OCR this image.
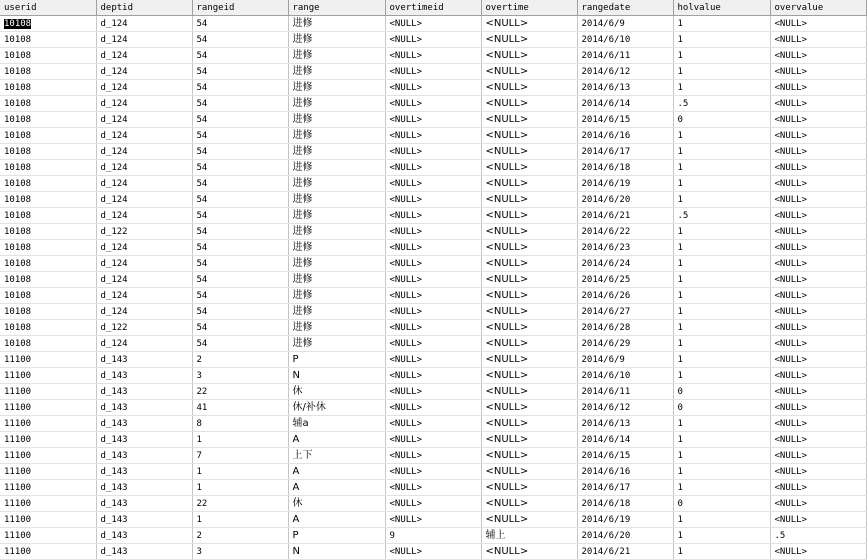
userid	deptid	rangeid	range	overtimeid	overtime	rangedate	holvalue	overvalue
10108	d_124	54	进修	<NULL>	<NULL>	2014/6/9	1	<NULL>
10108	d_124	54	进修	<NULL>	<NULL>	2014/6/10	1	<NULL>
10108	d_124	54	进修	<NULL>	<NULL>	2014/6/11	1	<NULL>
10108	d_124	54	进修	<NULL>	<NULL>	2014/6/12	1	<NULL>
10108	d_124	54	进修	<NULL>	<NULL>	2014/6/13	1	<NULL>
10108	d_124	54	进修	<NULL>	<NULL>	2014/6/14	.5	<NULL>
10108	d_124	54	进修	<NULL>	<NULL>	2014/6/15	0	<NULL>
10108	d_124	54	进修	<NULL>	<NULL>	2014/6/16	1	<NULL>
10108	d_124	54	进修	<NULL>	<NULL>	2014/6/17	1	<NULL>
10108	d_124	54	进修	<NULL>	<NULL>	2014/6/18	1	<NULL>
10108	d_124	54	进修	<NULL>	<NULL>	2014/6/19	1	<NULL>
10108	d_124	54	进修	<NULL>	<NULL>	2014/6/20	1	<NULL>
10108	d_124	54	进修	<NULL>	<NULL>	2014/6/21	.5	<NULL>
10108	d_122	54	进修	<NULL>	<NULL>	2014/6/22	1	<NULL>
10108	d_124	54	进修	<NULL>	<NULL>	2014/6/23	1	<NULL>
10108	d_124	54	进修	<NULL>	<NULL>	2014/6/24	1	<NULL>
10108	d_124	54	进修	<NULL>	<NULL>	2014/6/25	1	<NULL>
10108	d_124	54	进修	<NULL>	<NULL>	2014/6/26	1	<NULL>
10108	d_124	54	进修	<NULL>	<NULL>	2014/6/27	1	<NULL>
10108	d_122	54	进修	<NULL>	<NULL>	2014/6/28	1	<NULL>
10108	d_124	54	进修	<NULL>	<NULL>	2014/6/29	1	<NULL>
11100	d_143	2	P	<NULL>	<NULL>	2014/6/9	1	<NULL>
11100	d_143	3	N	<NULL>	<NULL>	2014/6/10	1	<NULL>
11100	d_143	22	休	<NULL>	<NULL>	2014/6/11	0	<NULL>
11100	d_143	41	休/补休	<NULL>	<NULL>	2014/6/12	0	<NULL>
11100	d_143	8	辅a	<NULL>	<NULL>	2014/6/13	1	<NULL>
11100	d_143	1	A	<NULL>	<NULL>	2014/6/14	1	<NULL>
11100	d_143	7	上下	<NULL>	<NULL>	2014/6/15	1	<NULL>
11100	d_143	1	A	<NULL>	<NULL>	2014/6/16	1	<NULL>
11100	d_143	1	A	<NULL>	<NULL>	2014/6/17	1	<NULL>
11100	d_143	22	休	<NULL>	<NULL>	2014/6/18	0	<NULL>
11100	d_143	1	A	<NULL>	<NULL>	2014/6/19	1	<NULL>
11100	d_143	2	P	9	辅上	2014/6/20	1	.5
11100	d_143	3	N	<NULL>	<NULL>	2014/6/21	1	<NULL>
